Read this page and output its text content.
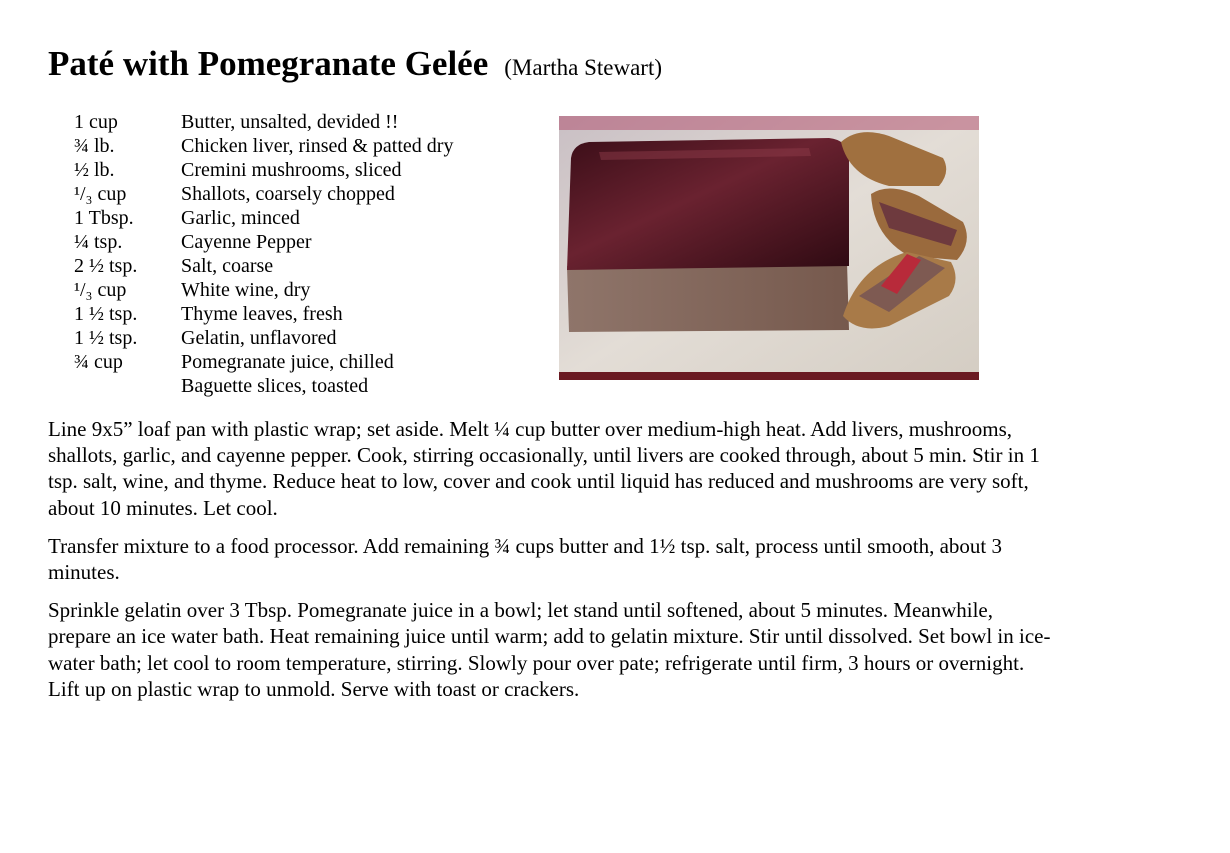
Paté with Pomegranate Gelée (Martha Stewart)
1 cup	Butter, unsalted, devided !!
¾ lb.	Chicken liver, rinsed & patted dry
½ lb.	Cremini mushrooms, sliced
¹/₃ cup	Shallots, coarsely chopped
1 Tbsp.	Garlic, minced
¼ tsp.	Cayenne Pepper
2 ½ tsp.	Salt, coarse
¹/₃ cup	White wine, dry
1 ½ tsp.	Thyme leaves, fresh
1 ½ tsp.	Gelatin, unflavored
¾ cup	Pomegranate juice, chilled
Baguette slices, toasted

Line 9x5” loaf pan with plastic wrap; set aside. Melt ¼ cup butter over medium-high heat. Add livers, mushrooms, shallots, garlic, and cayenne pepper. Cook, stirring occasionally, until livers are cooked through, about 5 min. Stir in 1 tsp. salt, wine, and thyme. Reduce heat to low, cover and cook until liquid has reduced and mushrooms are very soft, about 10 minutes. Let cool.

Transfer mixture to a food processor. Add remaining ¾ cups butter and 1½ tsp. salt, process until smooth, about 3 minutes.

Sprinkle gelatin over 3 Tbsp. Pomegranate juice in a bowl; let stand until softened, about 5 minutes. Meanwhile, prepare an ice water bath. Heat remaining juice until warm; add to gelatin mixture. Stir until dissolved. Set bowl in ice-water bath; let cool to room temperature, stirring. Slowly pour over pate; refrigerate until firm, 3 hours or overnight. Lift up on plastic wrap to unmold. Serve with toast or crackers.
